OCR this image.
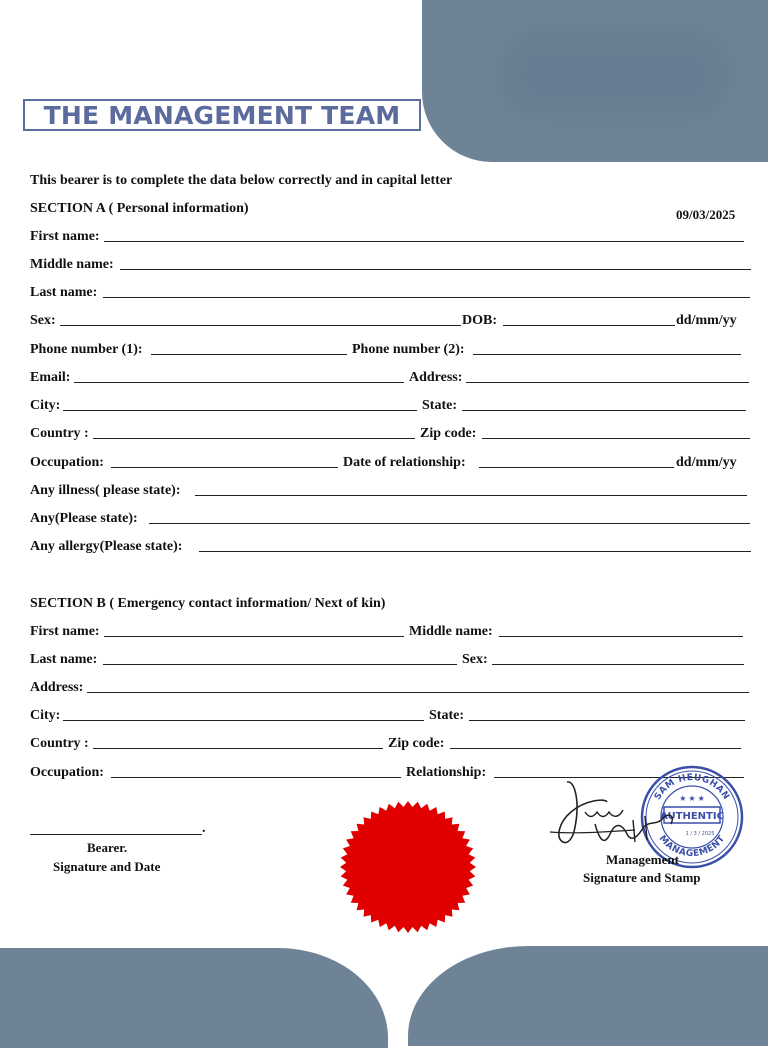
THE MANAGEMENT TEAM
This bearer is to complete the data below correctly and in capital letter
SECTION A ( Personal information)	09/03/2025
First name:
Middle name:
Last name:
Sex:	DOB:	dd/mm/yy
Phone number (1):	Phone number (2):
Email:	Address:
City:	State:
Country :	Zip code:
Occupation:	Date of relationship:	dd/mm/yy
Any illness( please state):
Any(Please state):
Any allergy(Please state):
SECTION B ( Emergency contact information/ Next of kin)
First name:	Middle name:
Last name:	Sex:
Address:
City:	State:
Country :	Zip code:
Occupation:	Relationship:
.
Bearer.
Signature and Date
SAM HEUGHAN
MANAGEMENT
AUTHENTIC
★ ★ ★
1 / 3 / 2025
Management
Signature and Stamp
